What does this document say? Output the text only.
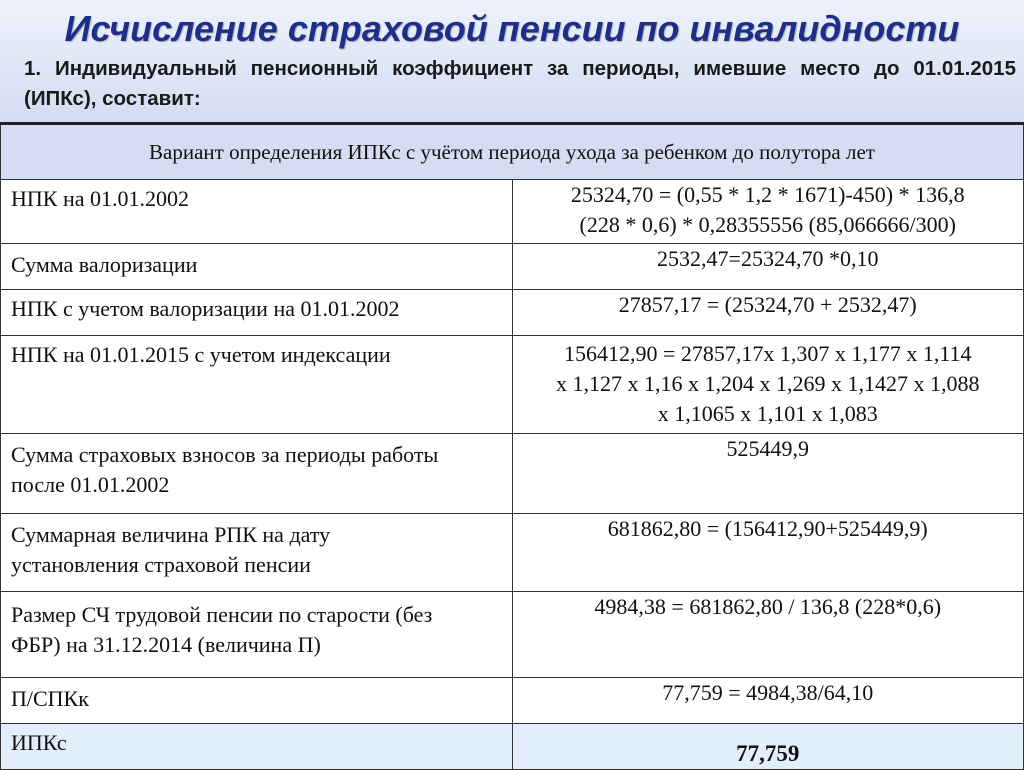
Исчисление страховой пенсии по инвалидности
1. Индивидуальный пенсионный коэффициент за периоды, имевшие место до 01.01.2015 (ИПКс), составит:
Вариант определения ИПКс с учётом периода ухода за ребенком до полутора лет	
НПК на 01.01.2002	25324,70 = (0,55 * 1,2 * 1671)-450) * 136,8
(228 * 0,6) * 0,28355556 (85,066666/300)

Сумма валоризации	2532,47=25324,70 *0,10

НПК с учетом валоризации на 01.01.2002	27857,17 = (25324,70 + 2532,47)

НПК на 01.01.2015 с учетом индексации	156412,90 = 27857,17х 1,307 х 1,177 х 1,114
х 1,127 х 1,16 х 1,204 х 1,269 х 1,1427 х 1,088
х 1,1065 х 1,101 х 1,083

Сумма страховых взносов за периоды работы
после 01.01.2002	525449,9

Суммарная величина РПК на дату
установления страховой пенсии	681862,80 = (156412,90+525449,9)

Размер СЧ трудовой пенсии по старости (без
ФБР) на 31.12.2014 (величина П)	4984,38 = 681862,80 / 136,8 (228*0,6)

П/СПКк	77,759 = 4984,38/64,10

ИПКс	77,759
